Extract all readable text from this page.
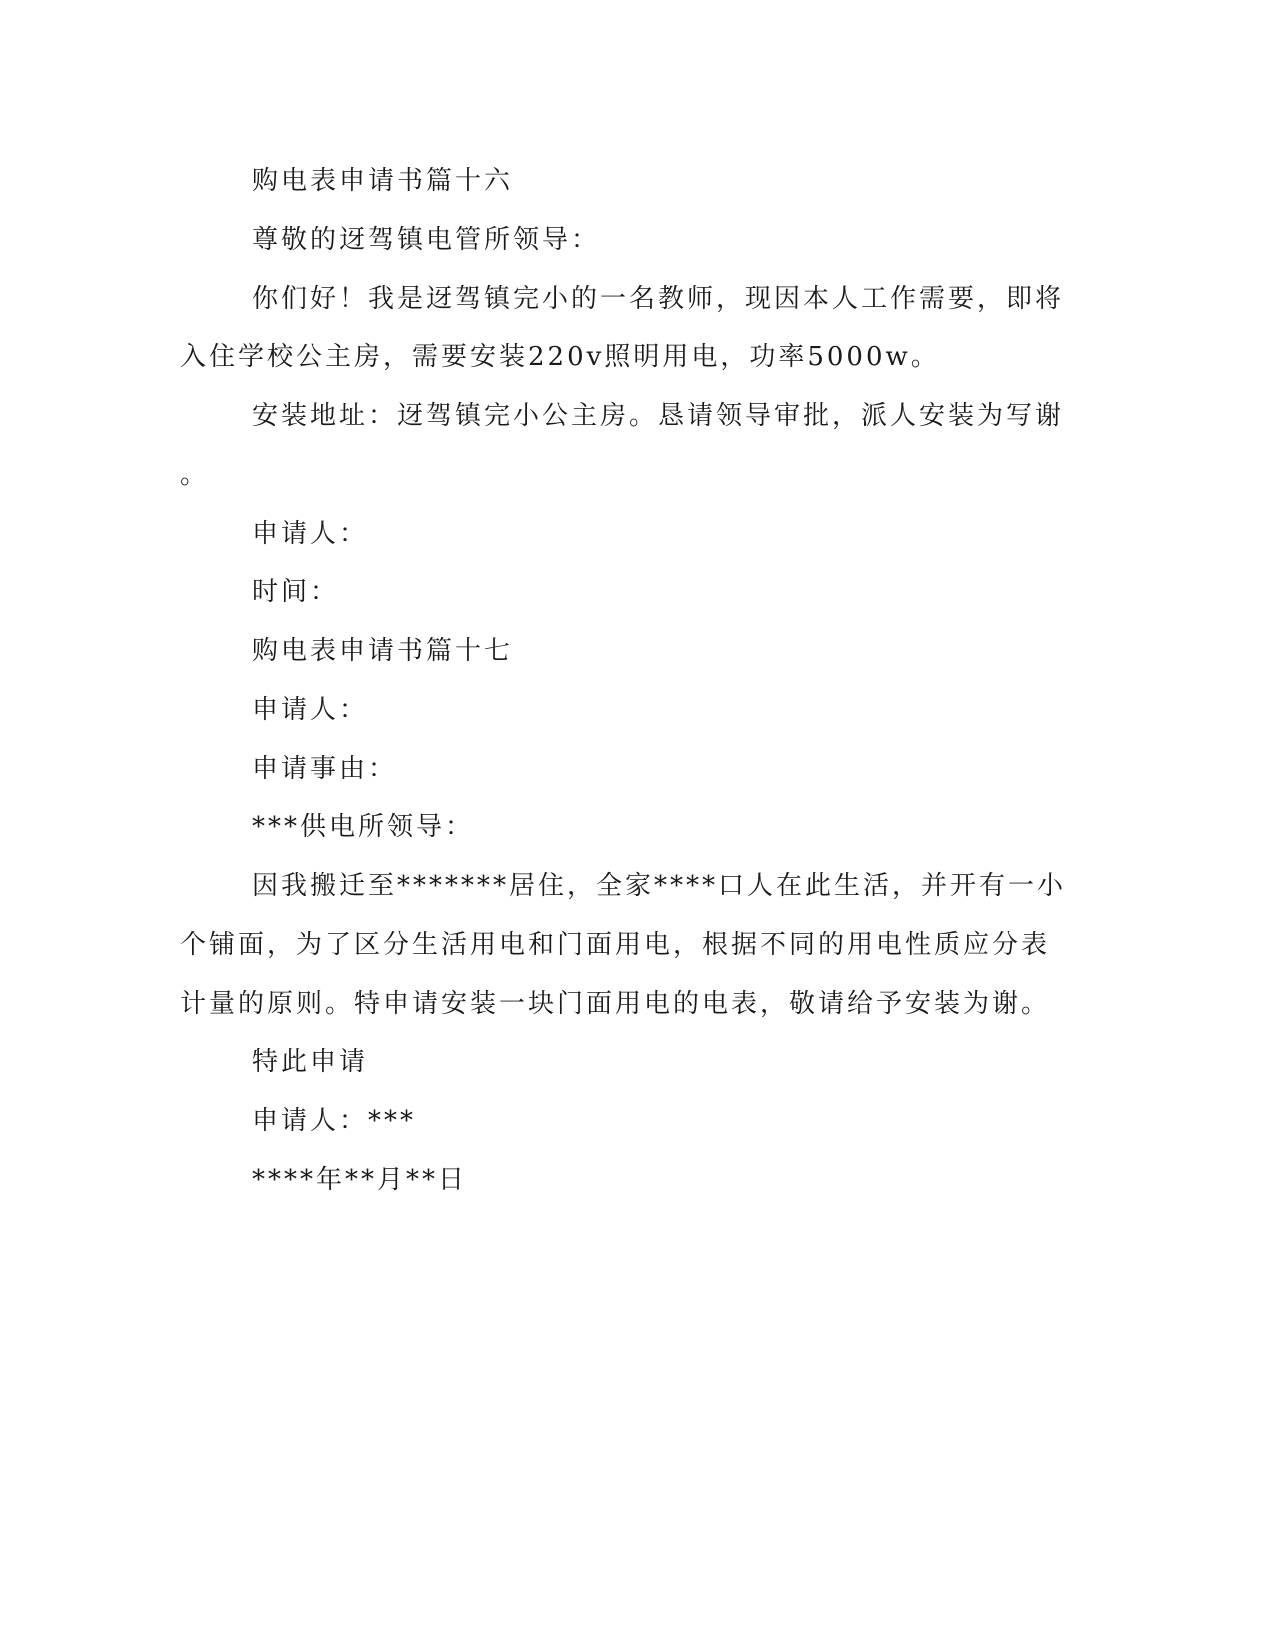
购电表申请书篇十六
尊敬的迓驾镇电管所领导：
你们好！我是迓驾镇完小的一名教师，现因本人工作需要，即将
入住学校公主房，需要安装220v照明用电，功率5000w。
安装地址：迓驾镇完小公主房。恳请领导审批，派人安装为写谢
。
申请人：
时间：
购电表申请书篇十七
申请人：
申请事由：
***供电所领导：
因我搬迁至*******居住，全家****口人在此生活，并开有一小
个铺面，为了区分生活用电和门面用电，根据不同的用电性质应分表
计量的原则。特申请安装一块门面用电的电表，敬请给予安装为谢。
特此申请
申请人：***
****年**月**日
